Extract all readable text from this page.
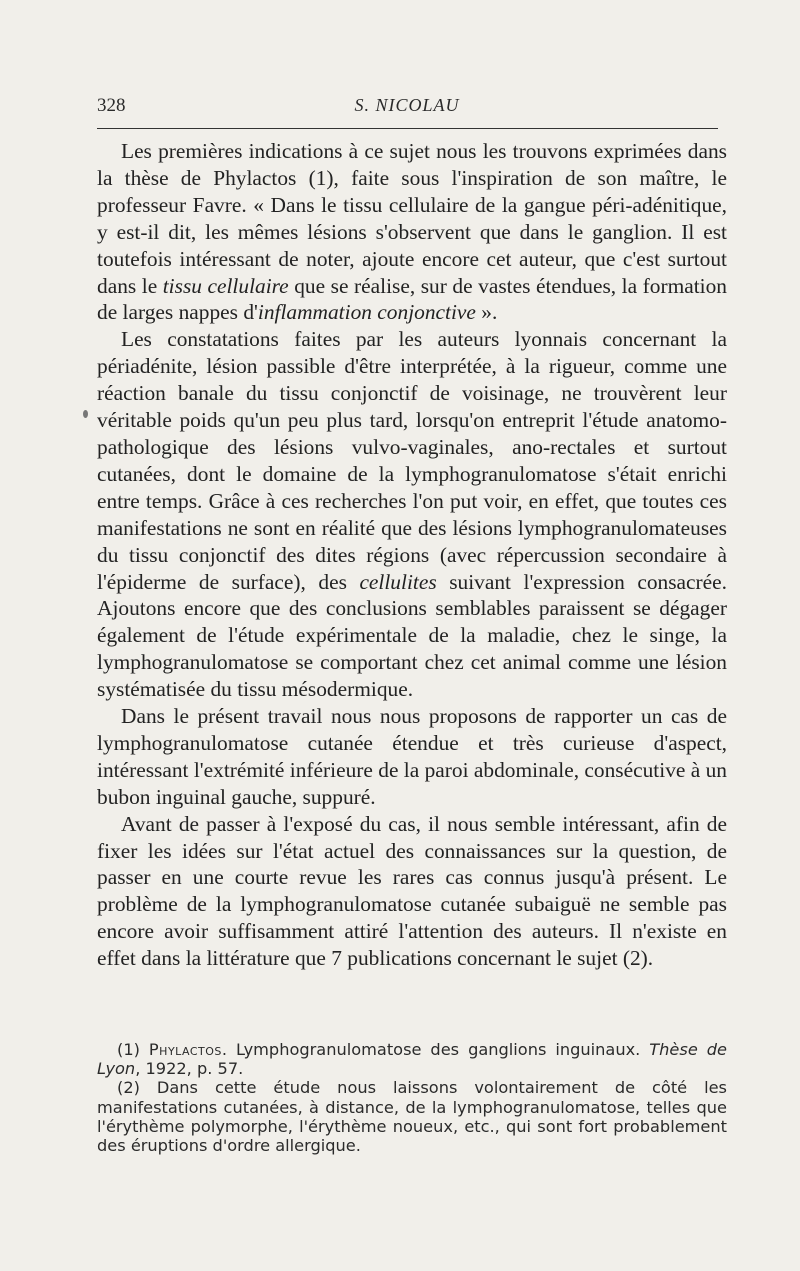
328	S. NICOLAU

Les premières indications à ce sujet nous les trouvons exprimées dans la thèse de Phylactos (1), faite sous l'inspiration de son maître, le professeur Favre. « Dans le tissu cellulaire de la gangue péri-adénitique, y est-il dit, les mêmes lésions s'observent que dans le ganglion. Il est toutefois intéressant de noter, ajoute encore cet auteur, que c'est surtout dans le tissu cellulaire que se réalise, sur de vastes étendues, la formation de larges nappes d'inflammation conjonctive ».

Les constatations faites par les auteurs lyonnais concernant la périadénite, lésion passible d'être interprétée, à la rigueur, comme une réaction banale du tissu conjonctif de voisinage, ne trouvèrent leur véritable poids qu'un peu plus tard, lorsqu'on entreprit l'étude anatomo-pathologique des lésions vulvo-vaginales, ano-rectales et surtout cutanées, dont le domaine de la lymphogranulomatose s'était enrichi entre temps. Grâce à ces recherches l'on put voir, en effet, que toutes ces manifestations ne sont en réalité que des lésions lymphogranulomateuses du tissu conjonctif des dites régions (avec répercussion secondaire à l'épiderme de surface), des cellulites suivant l'expression consacrée. Ajoutons encore que des conclusions semblables paraissent se dégager également de l'étude expérimentale de la maladie, chez le singe, la lymphogranulomatose se comportant chez cet animal comme une lésion systématisée du tissu mésodermique.

Dans le présent travail nous nous proposons de rapporter un cas de lymphogranulomatose cutanée étendue et très curieuse d'aspect, intéressant l'extrémité inférieure de la paroi abdominale, consécutive à un bubon inguinal gauche, suppuré.

Avant de passer à l'exposé du cas, il nous semble intéressant, afin de fixer les idées sur l'état actuel des connaissances sur la question, de passer en une courte revue les rares cas connus jusqu'à présent. Le problème de la lymphogranulomatose cutanée subaiguë ne semble pas encore avoir suffisamment attiré l'attention des auteurs. Il n'existe en effet dans la littérature que 7 publications concernant le sujet (2).

(1) Phylactos. Lymphogranulomatose des ganglions inguinaux. Thèse de Lyon, 1922, p. 57.

(2) Dans cette étude nous laissons volontairement de côté les manifestations cutanées, à distance, de la lymphogranulomatose, telles que l'érythème polymorphe, l'érythème noueux, etc., qui sont fort probablement des éruptions d'ordre allergique.
